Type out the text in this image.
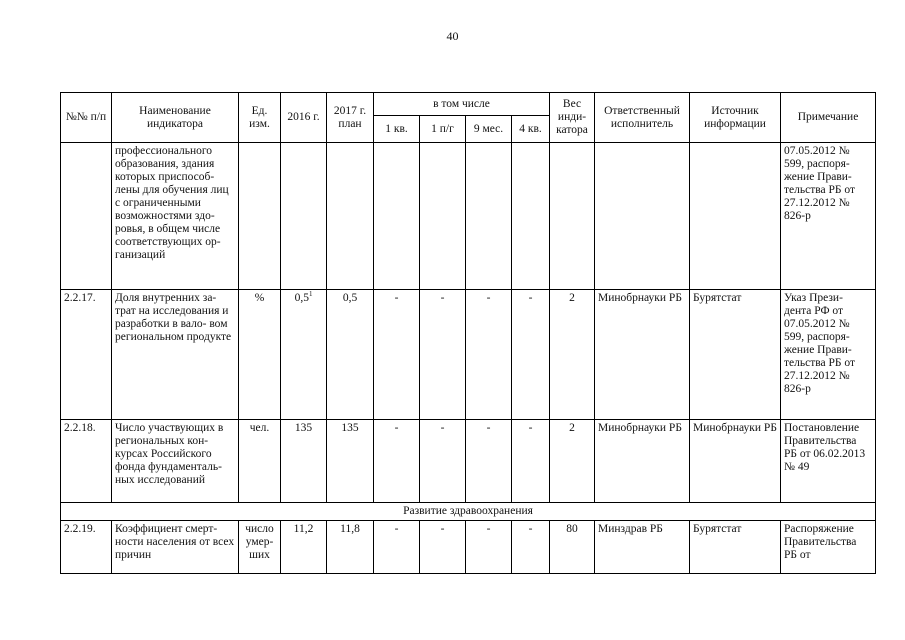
40
№№ п/п	Наименование индикатора	Ед. изм.	2016 г.	2017 г. план	в том числе				Вес инди- катора	Ответственный исполнитель	Источник информации	Примечание
					1 кв.	1 п/г	9 мес.	4 кв.				
	профессионального образования, здания которых приспособ- лены для обучения лиц с ограниченными возможностями здо- ровья, в общем числе соответствующих ор- ганизаций											07.05.2012 № 599, распоря- жение Прави- тельства РБ от 27.12.2012 № 826-р
2.2.17.	Доля внутренних за- трат на исследования и разработки в вало- вом региональном продукте	%	$0,5^1$	0,5	-	-	-	-	2	Минобрнауки РБ	Бурятстат	Указ Прези- дента РФ от 07.05.2012 № 599, распоря- жение Прави- тельства РБ от 27.12.2012 № 826-р
2.2.18.	Число участвующих в региональных кон- курсах Российского фонда фундаменталь- ных исследований	чел.	135	135	-	-	-	-	2	Минобрнауки РБ	Минобрнауки РБ	Постановление Правительства РБ от 06.02.2013 № 49
Развитие здравоохранения												
2.2.19.	Коэффициент смерт- ности населения от всех причин	число умер- ших	11,2	11,8	-	-	-	-	80	Минздрав РБ	Бурятстат	Распоряжение Правительства РБ от
